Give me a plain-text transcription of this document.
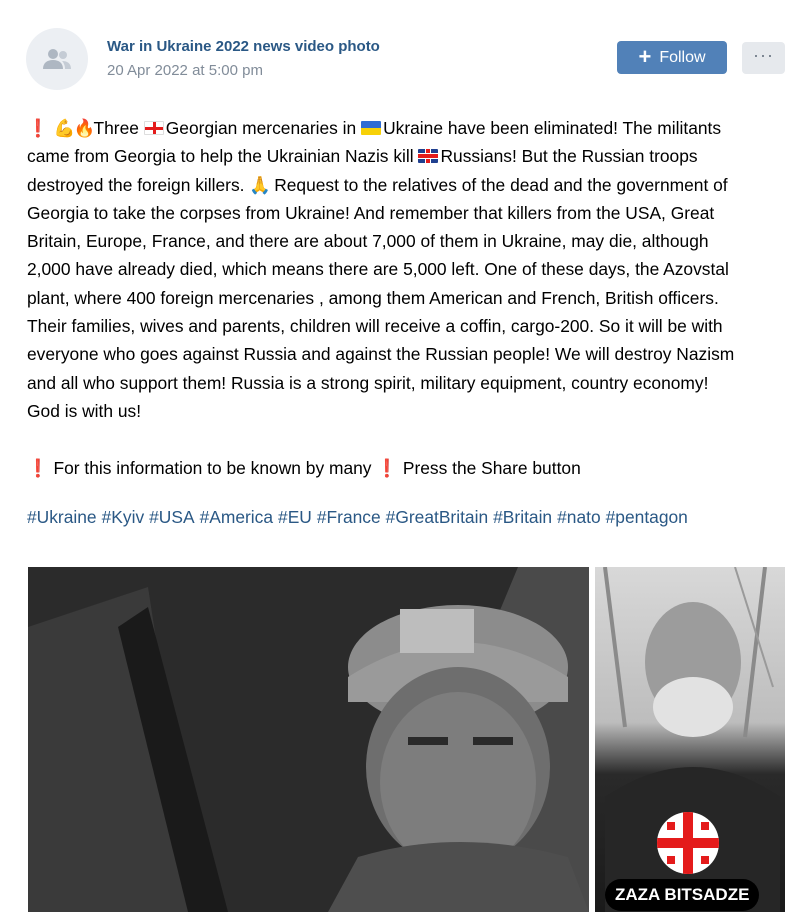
War in Ukraine 2022 news video photo
20 Apr 2022 at 5:00 pm
+ Follow	···
❗ 💪🔥Three Georgian mercenaries in Ukraine have been eliminated! The militants
came from Georgia to help the Ukrainian Nazis kill Russians! But the Russian troops
destroyed the foreign killers. 🙏 Request to the relatives of the dead and the government of
Georgia to take the corpses from Ukraine! And remember that killers from the USA, Great
Britain, Europe, France, and there are about 7,000 of them in Ukraine, may die, although
2,000 have already died, which means there are 5,000 left. One of these days, the Azovstal
plant, where 400 foreign mercenaries , among them American and French, British officers.
Their families, wives and parents, children will receive a coffin, cargo-200. So it will be with
everyone who goes against Russia and against the Russian people! We will destroy Nazism
and all who support them! Russia is a strong spirit, military equipment, country economy!
God is with us!

❗ For this information to be known by many ❗ Press the Share button
#Ukraine #Kyiv #USA #America #EU #France #GreatBritain #Britain #nato #pentagon
ZAZA BITSADZE
